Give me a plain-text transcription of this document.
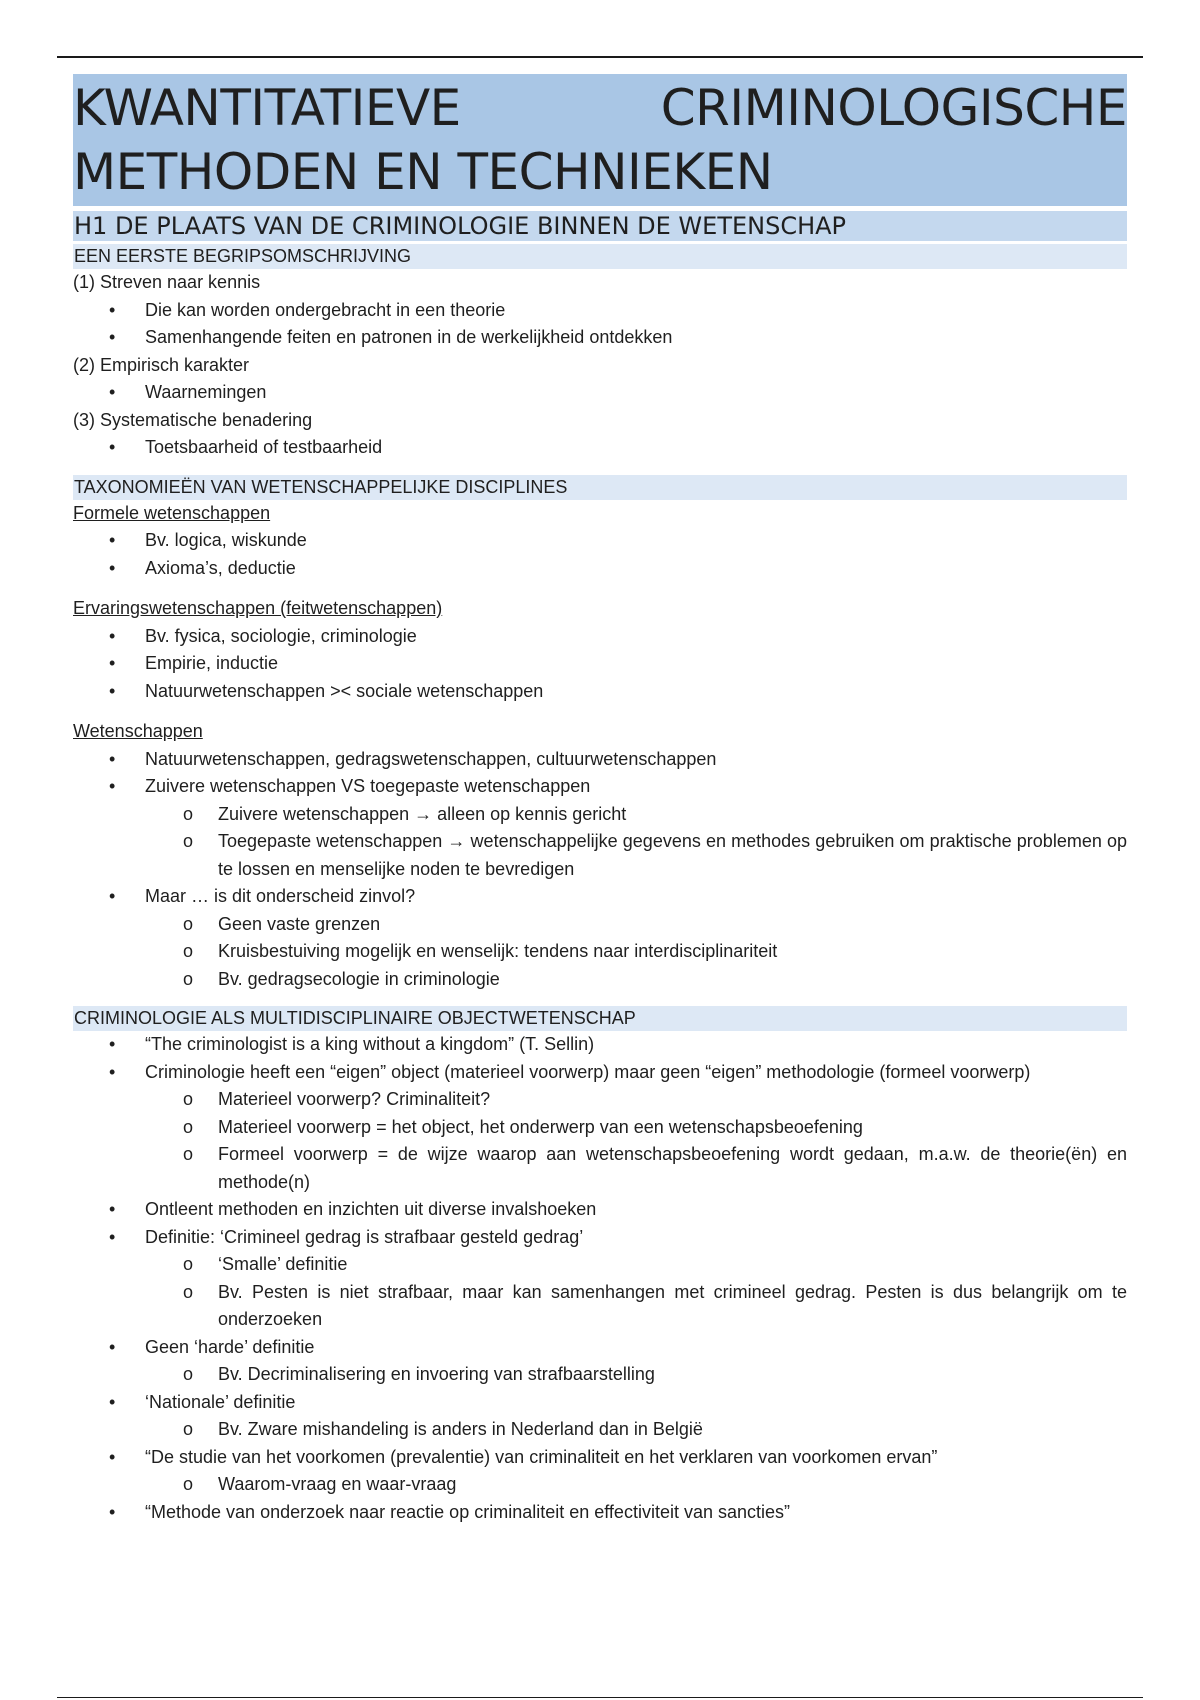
KWANTITATIEVE	CRIMINOLOGISCHE
METHODEN EN TECHNIEKEN
H1 DE PLAATS VAN DE CRIMINOLOGIE BINNEN DE WETENSCHAP
EEN EERSTE BEGRIPSOMSCHRIJVING
(1) Streven naar kennis
• Die kan worden ondergebracht in een theorie
• Samenhangende feiten en patronen in de werkelijkheid ontdekken
(2) Empirisch karakter
• Waarnemingen
(3) Systematische benadering
• Toetsbaarheid of testbaarheid
TAXONOMIEËN VAN WETENSCHAPPELIJKE DISCIPLINES
Formele wetenschappen
• Bv. logica, wiskunde
• Axioma’s, deductie
Ervaringswetenschappen (feitwetenschappen)
• Bv. fysica, sociologie, criminologie
• Empirie, inductie
• Natuurwetenschappen >< sociale wetenschappen
Wetenschappen
• Natuurwetenschappen, gedragswetenschappen, cultuurwetenschappen
• Zuivere wetenschappen VS toegepaste wetenschappen
o Zuivere wetenschappen → alleen op kennis gericht
o Toegepaste wetenschappen → wetenschappelijke gegevens en methodes gebruiken om praktische problemen op te lossen en menselijke noden te bevredigen
• Maar … is dit onderscheid zinvol?
o Geen vaste grenzen
o Kruisbestuiving mogelijk en wenselijk: tendens naar interdisciplinariteit
o Bv. gedragsecologie in criminologie
CRIMINOLOGIE ALS MULTIDISCIPLINAIRE OBJECTWETENSCHAP
• “The criminologist is a king without a kingdom” (T. Sellin)
• Criminologie heeft een “eigen” object (materieel voorwerp) maar geen “eigen” methodologie (formeel voorwerp)
o Materieel voorwerp? Criminaliteit?
o Materieel voorwerp = het object, het onderwerp van een wetenschapsbeoefening
o Formeel voorwerp = de wijze waarop aan wetenschapsbeoefening wordt gedaan, m.a.w. de theorie(ën) en methode(n)
• Ontleent methoden en inzichten uit diverse invalshoeken
• Definitie: ‘Crimineel gedrag is strafbaar gesteld gedrag’
o ‘Smalle’ definitie
o Bv. Pesten is niet strafbaar, maar kan samenhangen met crimineel gedrag. Pesten is dus belangrijk om te onderzoeken
• Geen ‘harde’ definitie
o Bv. Decriminalisering en invoering van strafbaarstelling
• ‘Nationale’ definitie
o Bv. Zware mishandeling is anders in Nederland dan in België
• “De studie van het voorkomen (prevalentie) van criminaliteit en het verklaren van voorkomen ervan”
o Waarom-vraag en waar-vraag
• “Methode van onderzoek naar reactie op criminaliteit en effectiviteit van sancties”
